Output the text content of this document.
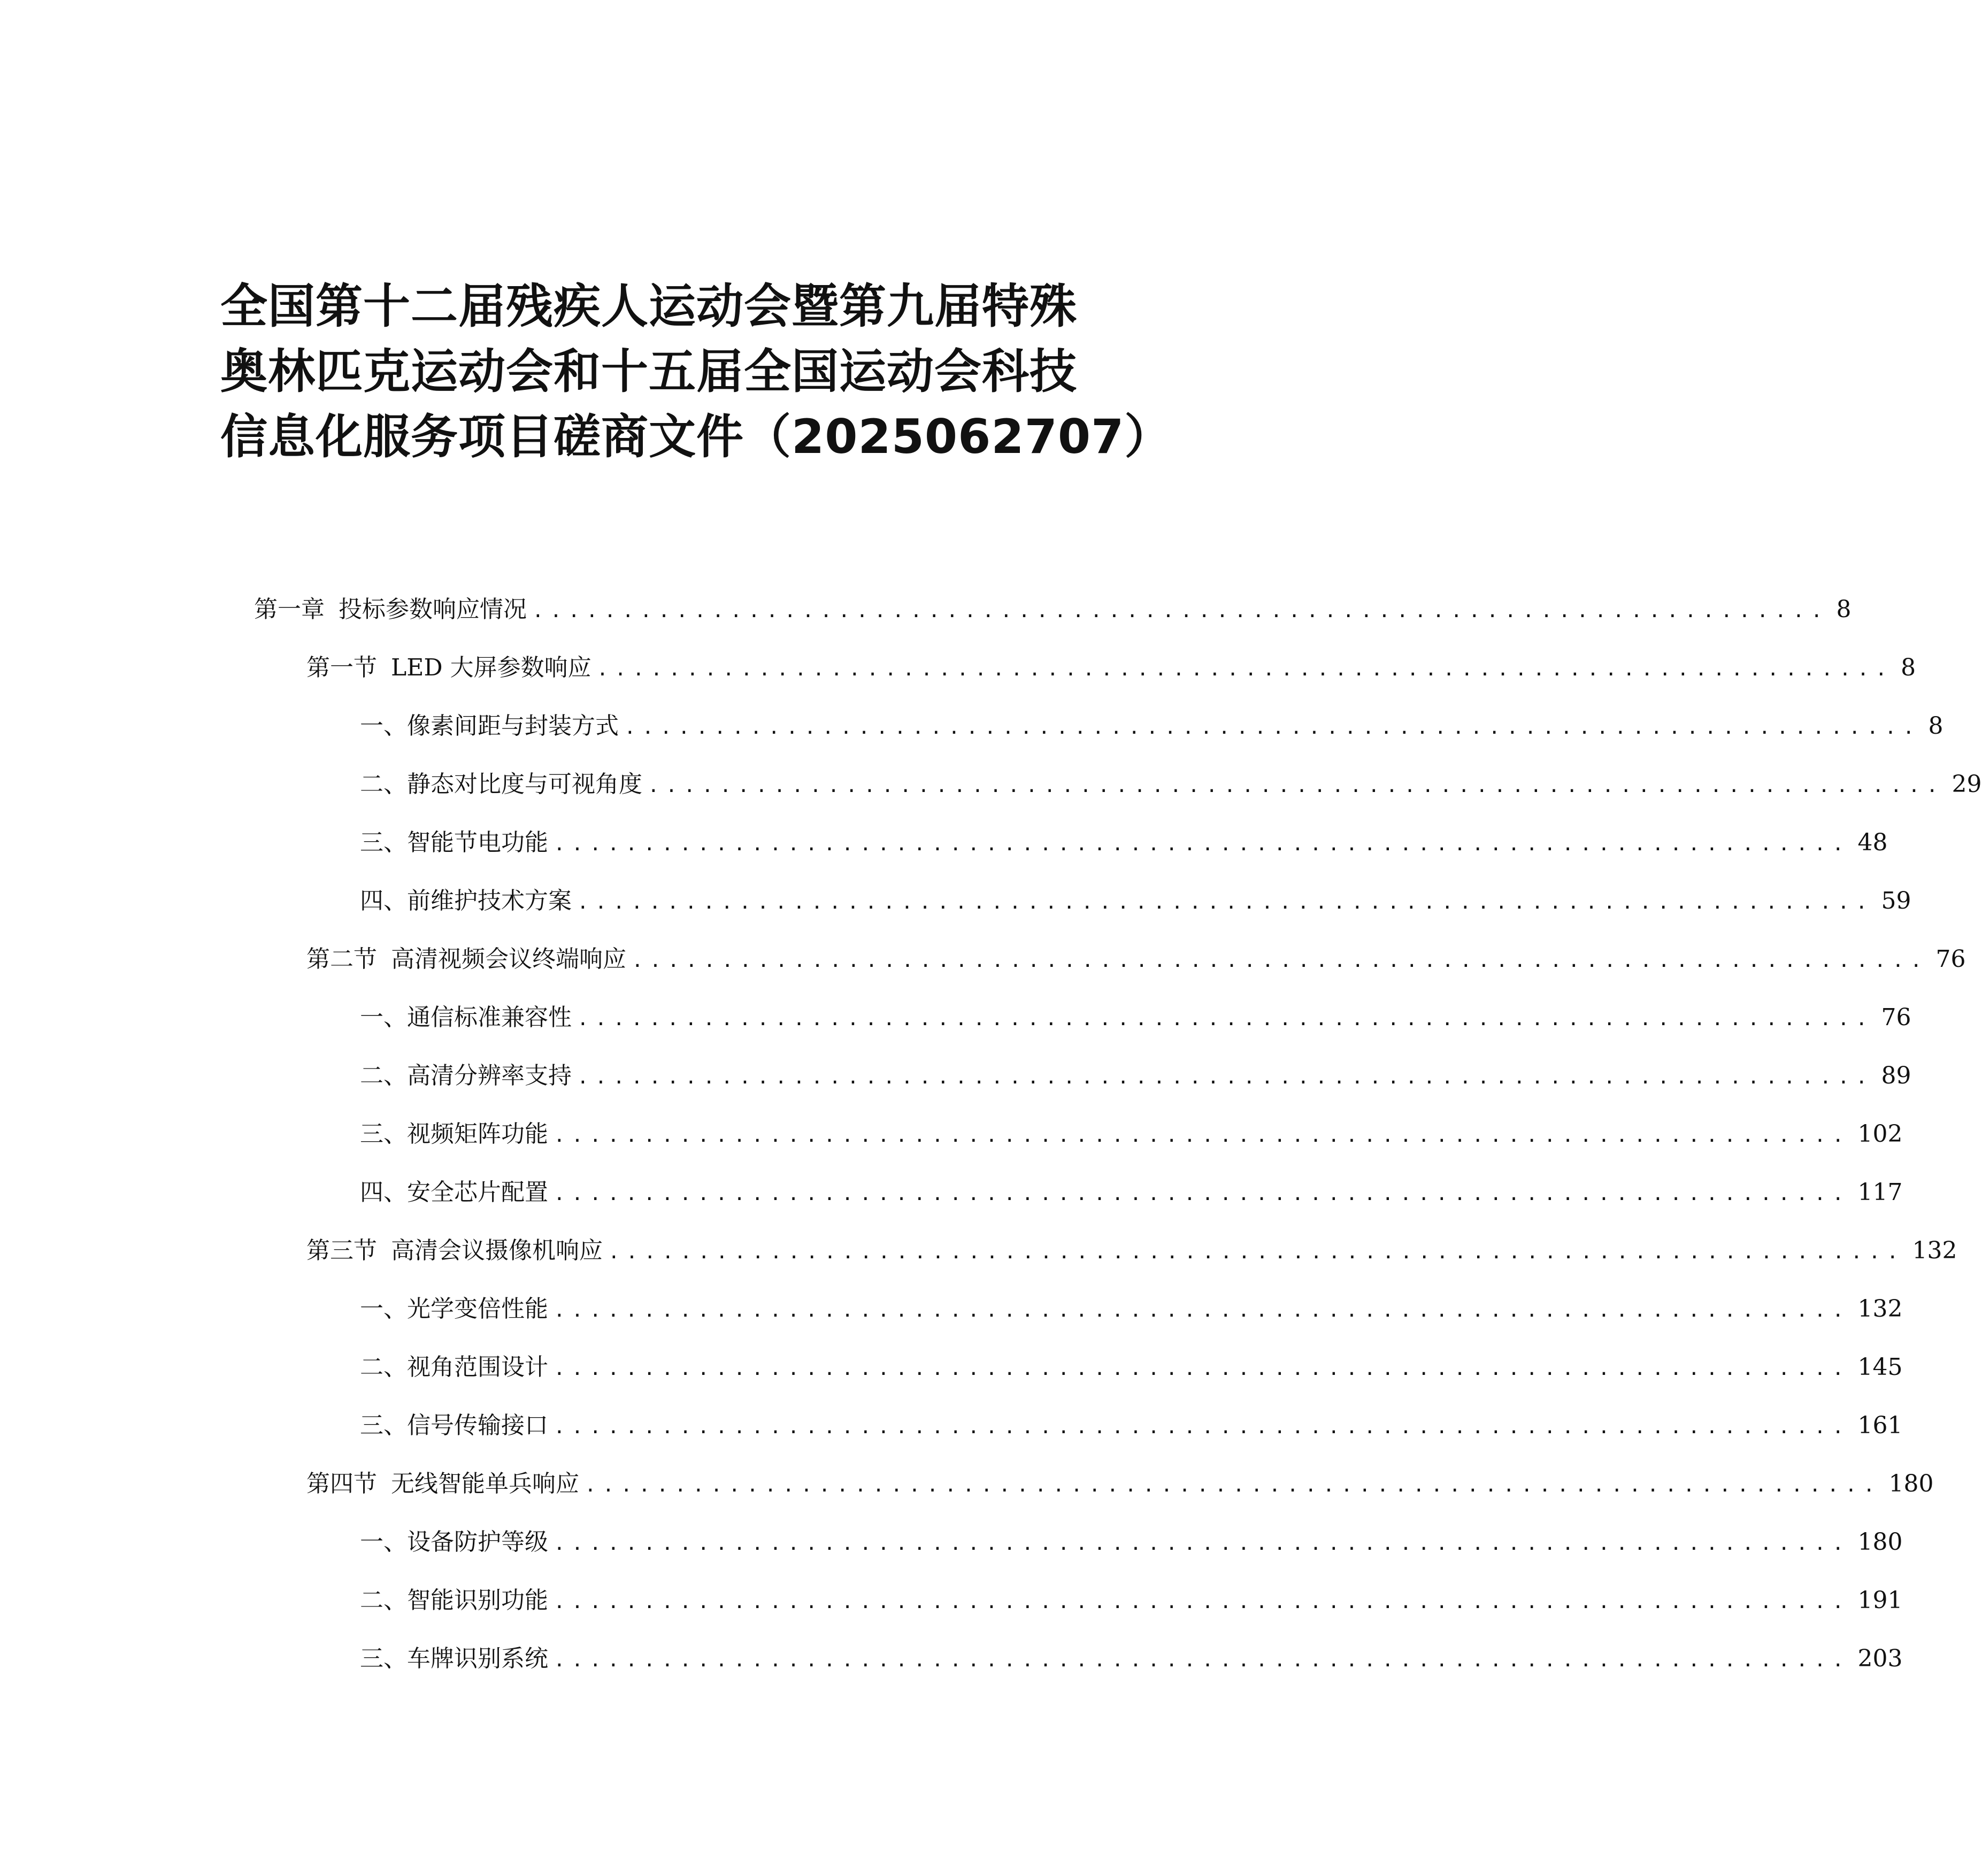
全国第十二届残疾人运动会暨第九届特殊
奥林匹克运动会和十五届全国运动会科技
信息化服务项目磋商文件（2025062707）
第一章 投标参数响应情况 ........................................................................ 8
第一节 LED 大屏参数响应 ........................................................................ 8
一、 像素间距与封装方式 ........................................................................ 8
二、 静态对比度与可视角度 ........................................................................ 29
三、 智能节电功能 ........................................................................ 48
四、 前维护技术方案 ........................................................................ 59
第二节 高清视频会议终端响应 ........................................................................ 76
一、 通信标准兼容性 ........................................................................ 76
二、 高清分辨率支持 ........................................................................ 89
三、 视频矩阵功能 ........................................................................ 102
四、 安全芯片配置 ........................................................................ 117
第三节 高清会议摄像机响应 ........................................................................ 132
一、 光学变倍性能 ........................................................................ 132
二、 视角范围设计 ........................................................................ 145
三、 信号传输接口 ........................................................................ 161
第四节 无线智能单兵响应 ........................................................................ 180
一、 设备防护等级 ........................................................................ 180
二、 智能识别功能 ........................................................................ 191
三、 车牌识别系统 ........................................................................ 203
